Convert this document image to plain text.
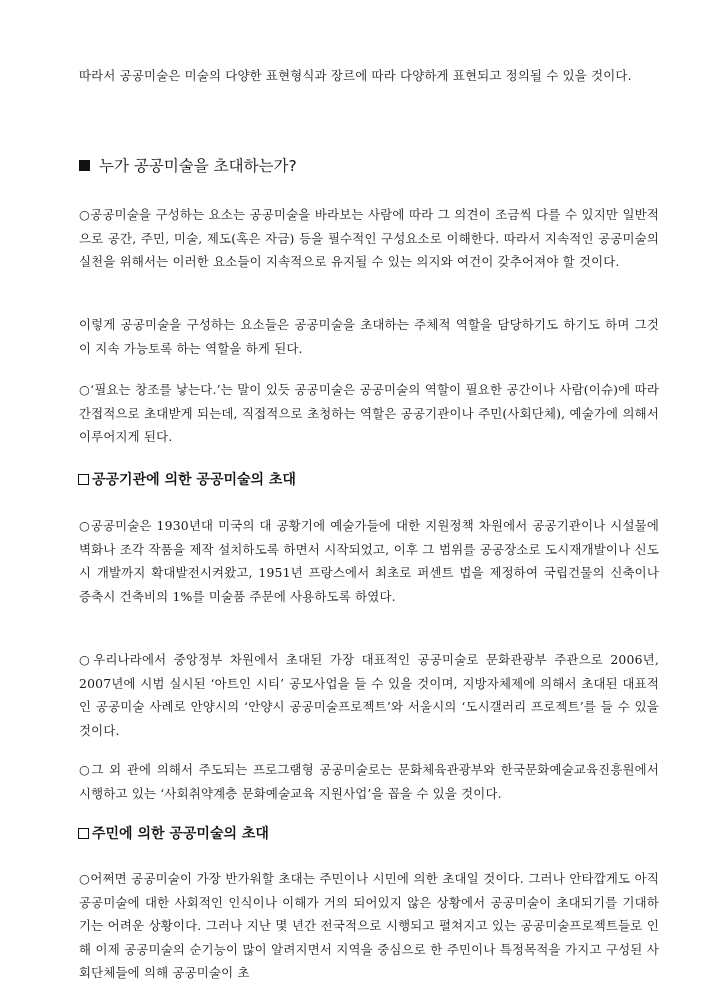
따라서 공공미술은 미술의 다양한 표현형식과 장르에 따라 다양하게 표현되고 정의될 수 있을 것이다.

누가 공공미술을 초대하는가?

○공공미술을 구성하는 요소는 공공미술을 바라보는 사람에 따라 그 의견이 조금씩 다를 수 있지만 일반적으로 공간, 주민, 미술, 제도(혹은 자금) 등을 필수적인 구성요소로 이해한다. 따라서 지속적인 공공미술의 실천을 위해서는 이러한 요소들이 지속적으로 유지될 수 있는 의지와 여건이 갖추어져야 할 것이다.

이렇게 공공미술을 구성하는 요소들은 공공미술을 초대하는 주체적 역할을 담당하기도 하기도 하며 그것이 지속 가능토록 하는 역할을 하게 된다.

○‘필요는 창조를 낳는다.’는 말이 있듯 공공미술은 공공미술의 역할이 필요한 공간이나 사람(이슈)에 따라 간접적으로 초대받게 되는데, 직접적으로 초청하는 역할은 공공기관이나 주민(사회단체), 예술가에 의해서 이루어지게 된다.

공공기관에 의한 공공미술의 초대

○공공미술은 1930년대 미국의 대 공황기에 예술가들에 대한 지원정책 차원에서 공공기관이나 시설물에 벽화나 조각 작품을 제작 설치하도록 하면서 시작되었고, 이후 그 범위를 공공장소로 도시재개발이나 신도시 개발까지 확대발전시켜왔고, 1951년 프랑스에서 최초로 퍼센트 법을 제정하여 국립건물의 신축이나 증축시 건축비의 1%를 미술품 주문에 사용하도록 하였다.

○우리나라에서 중앙정부 차원에서 초대된 가장 대표적인 공공미술로 문화관광부 주관으로 2006년, 2007년에 시범 실시된 ‘아트인 시티’ 공모사업을 들 수 있을 것이며, 지방자체제에 의해서 초대된 대표적인 공공미술 사례로 안양시의 ‘안양시 공공미술프로젝트’와 서울시의 ‘도시갤러리 프로젝트’를 들 수 있을 것이다.

○그 외 관에 의해서 주도되는 프로그램형 공공미술로는 문화체육관광부와 한국문화예술교육진흥원에서 시행하고 있는 ‘사회취약계층 문화예술교육 지원사업’을 꼽을 수 있을 것이다.

주민에 의한 공공미술의 초대

○어쩌면 공공미술이 가장 반가워할 초대는 주민이나 시민에 의한 초대일 것이다. 그러나 안타깝게도 아직 공공미술에 대한 사회적인 인식이나 이해가 거의 되어있지 않은 상황에서 공공미술이 초대되기를 기대하기는 어려운 상황이다. 그러나 지난 몇 년간 전국적으로 시행되고 펼쳐지고 있는 공공미술프로젝트들로 인해 이제 공공미술의 순기능이 많이 알려지면서 지역을 중심으로 한 주민이나 특정목적을 가지고 구성된 사회단체들에 의해 공공미술이 초
